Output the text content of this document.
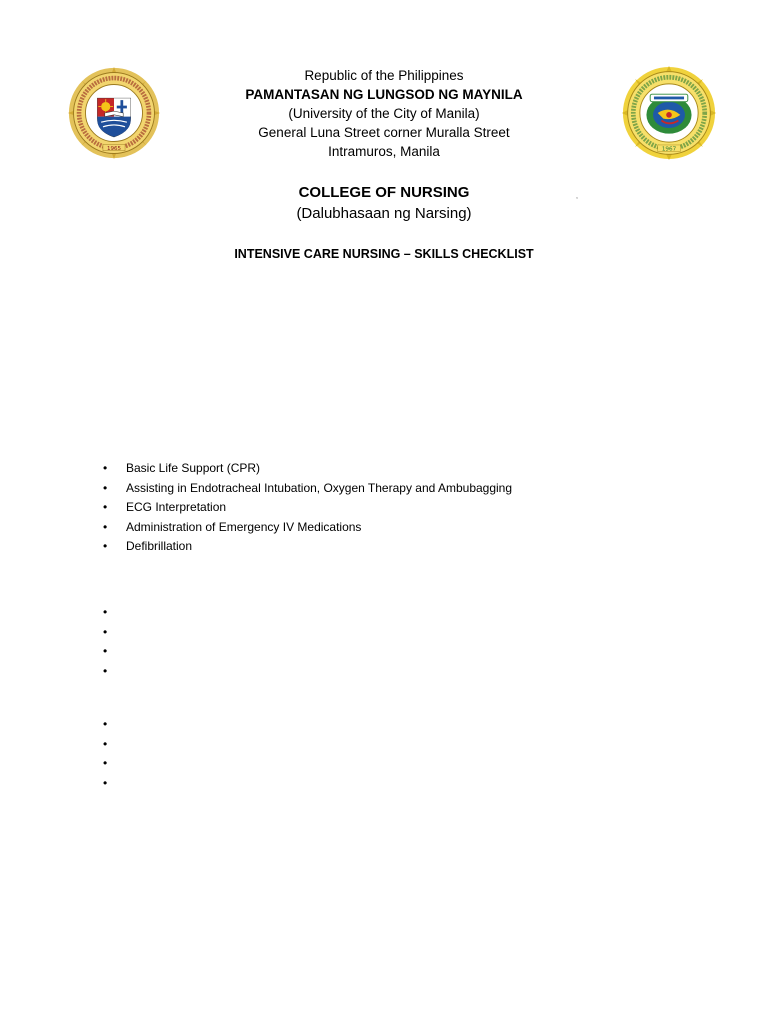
1965	1967
Republic of the Philippines
PAMANTASAN NG LUNGSOD NG MAYNILA
(University of the City of Manila)
General Luna Street corner Muralla Street
Intramuros, Manila
COLLEGE OF NURSING
(Dalubhasaan ng Narsing)
,
INTENSIVE CARE NURSING – SKILLS CHECKLIST
• Basic Life Support (CPR)
• Assisting in Endotracheal Intubation, Oxygen Therapy and Ambubagging
• ECG Interpretation
• Administration of Emergency IV Medications
• Defibrillation
•
•
•
•
•
•
•
•
